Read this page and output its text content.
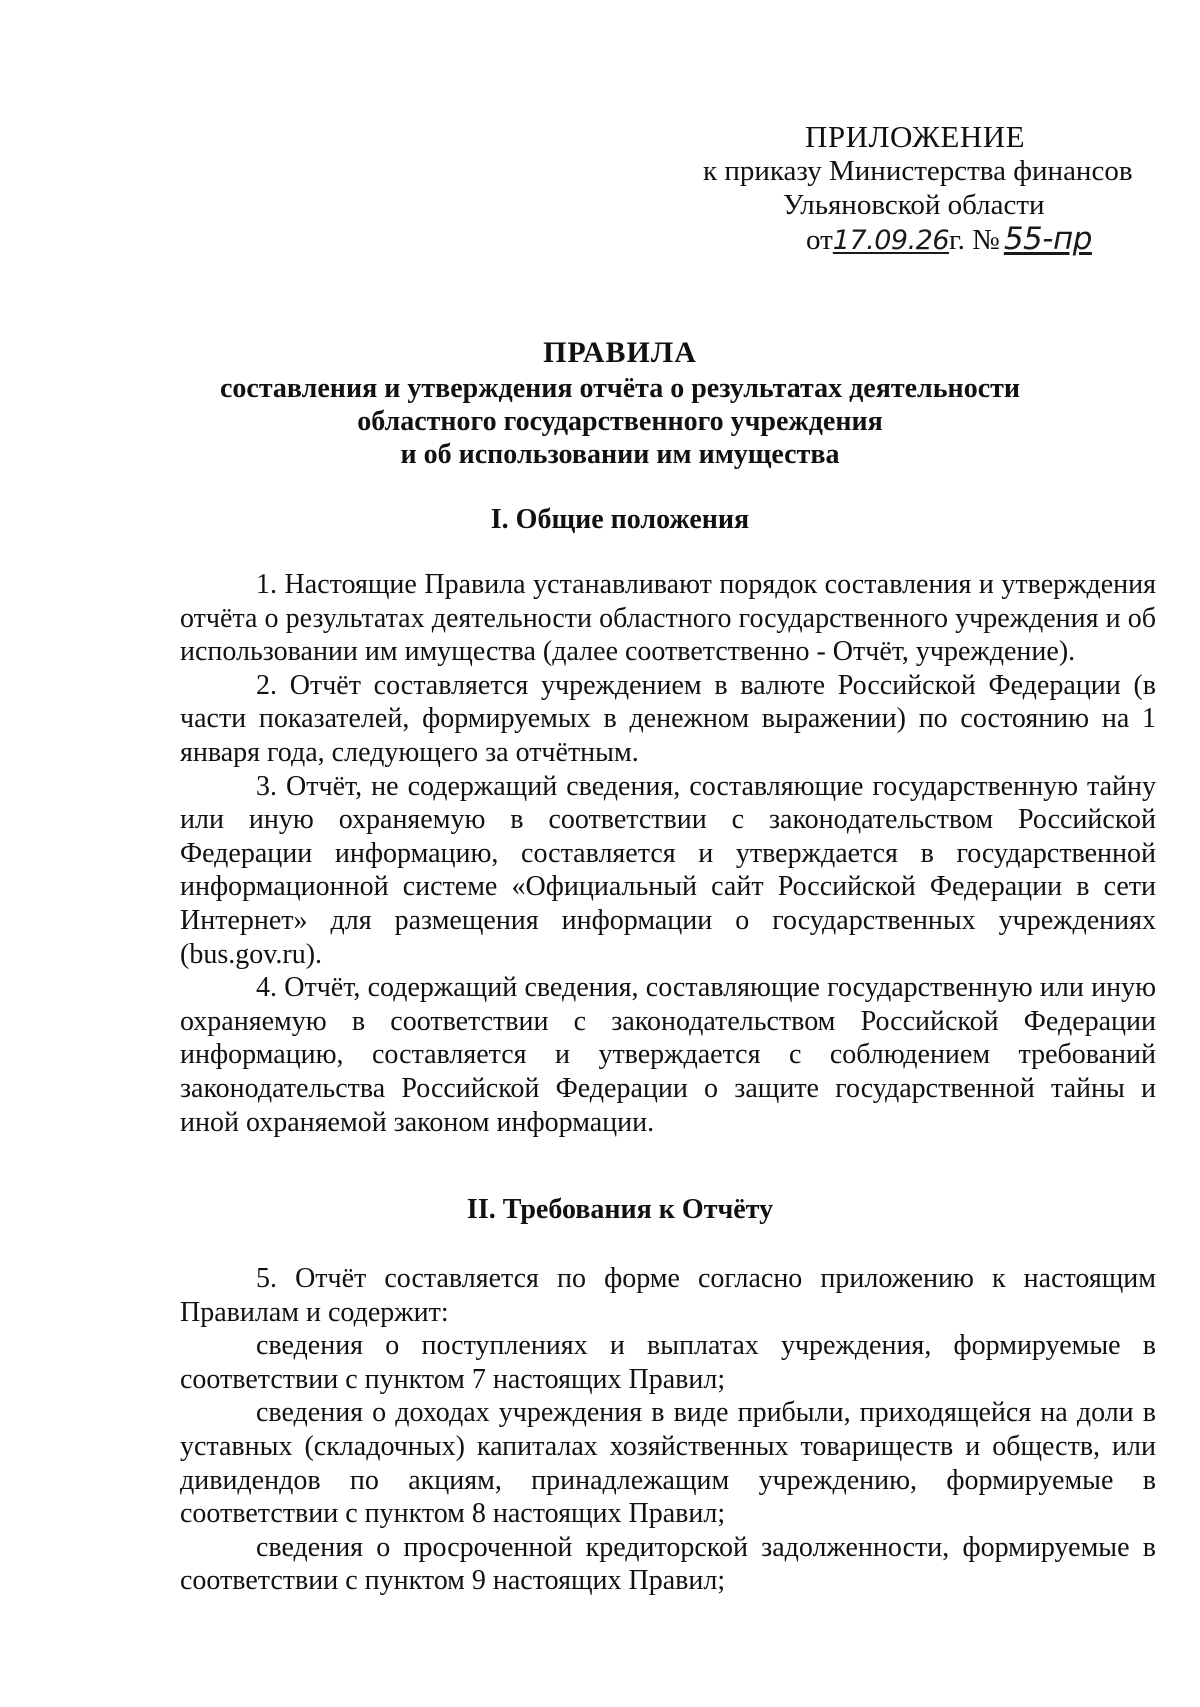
ПРИЛОЖЕНИЕ
к приказу Министерства финансов
Ульяновской области
от17.09.26г. № 55-пр
ПРАВИЛА
составления и утверждения отчёта о результатах деятельности
областного государственного учреждения
и об использовании им имущества
I. Общие положения

1. Настоящие Правила устанавливают порядок составления и утверждения отчёта о результатах деятельности областного государственного учреждения и об использовании им имущества (далее соответственно - Отчёт, учреждение).

2. Отчёт составляется учреждением в валюте Российской Федерации (в части показателей, формируемых в денежном выражении) по состоянию на 1 января года, следующего за отчётным.

3. Отчёт, не содержащий сведения, составляющие государственную тайну или иную охраняемую в соответствии с законодательством Российской Федерации информацию, составляется и утверждается в государственной информационной системе «Официальный сайт Российской Федерации в сети Интернет» для размещения информации о государственных учреждениях (bus.gov.ru).

4. Отчёт, содержащий сведения, составляющие государственную или иную охраняемую в соответствии с законодательством Российской Федерации информацию, составляется и утверждается с соблюдением требований законодательства Российской Федерации о защите государственной тайны и иной охраняемой законом информации.

II. Требования к Отчёту

5. Отчёт составляется по форме согласно приложению к настоящим Правилам и содержит:

сведения о поступлениях и выплатах учреждения, формируемые в соответствии с пунктом 7 настоящих Правил;

сведения о доходах учреждения в виде прибыли, приходящейся на доли в уставных (складочных) капиталах хозяйственных товариществ и обществ, или дивидендов по акциям, принадлежащим учреждению, формируемые в соответствии с пунктом 8 настоящих Правил;

сведения о просроченной кредиторской задолженности, формируемые в соответствии с пунктом 9 настоящих Правил;
